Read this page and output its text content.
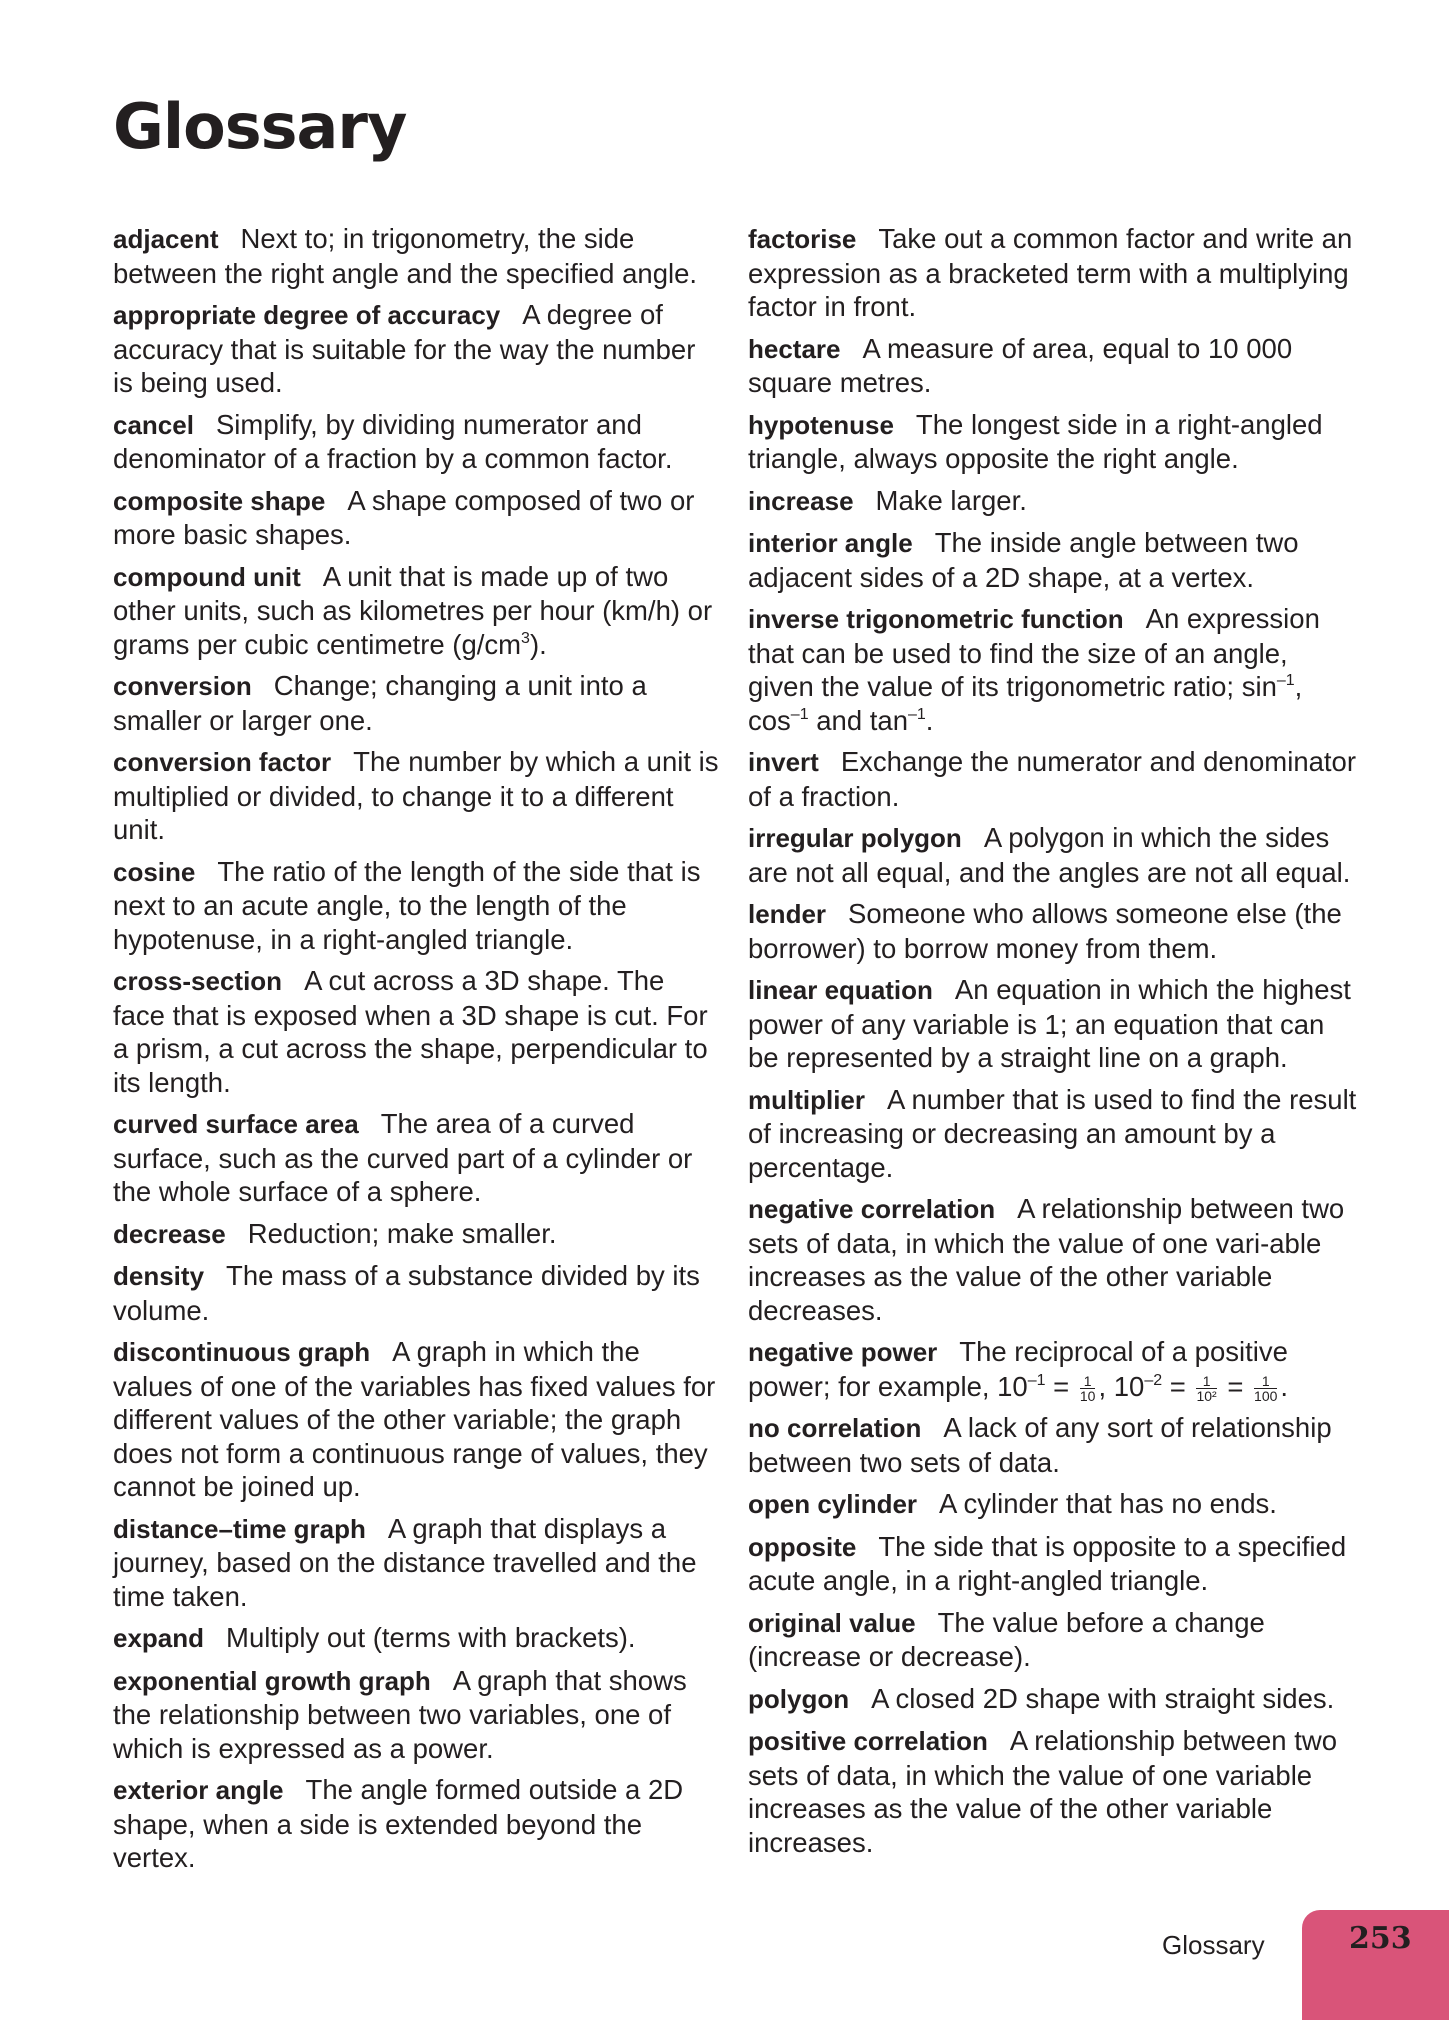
Glossary

adjacent Next to; in trigonometry, the side between the right angle and the specified angle.

appropriate degree of accuracy A degree of accuracy that is suitable for the way the number is being used.

cancel Simplify, by dividing numerator and denominator of a fraction by a common factor.

composite shape A shape composed of two or more basic shapes.

compound unit A unit that is made up of two other units, such as kilometres per hour (km/h) or grams per cubic centimetre $(g/cm^3)$.

conversion Change; changing a unit into a smaller or larger one.

conversion factor The number by which a unit is multiplied or divided, to change it to a different unit.

cosine The ratio of the length of the side that is next to an acute angle, to the length of the hypotenuse, in a right-angled triangle.

cross-section A cut across a 3D shape. The face that is exposed when a 3D shape is cut. For a prism, a cut across the shape, perpendicular to its length.

curved surface area The area of a curved surface, such as the curved part of a cylinder or the whole surface of a sphere.

decrease Reduction; make smaller.

density The mass of a substance divided by its volume.

discontinuous graph A graph in which the values of one of the variables has fixed values for different values of the other variable; the graph does not form a continuous range of values, they cannot be joined up.

distance–time graph A graph that displays a journey, based on the distance travelled and the time taken.

expand Multiply out (terms with brackets).

exponential growth graph A graph that shows the relationship between two variables, one of which is expressed as a power.

exterior angle The angle formed outside a 2D shape, when a side is extended beyond the vertex.

factorise Take out a common factor and write an expression as a bracketed term with a multiplying factor in front.

hectare A measure of area, equal to 10 000 square metres.

hypotenuse The longest side in a right-angled triangle, always opposite the right angle.

increase Make larger.

interior angle The inside angle between two adjacent sides of a 2D shape, at a vertex.

inverse trigonometric function An expression that can be used to find the size of an angle, given the value of its trigonometric ratio; $\sin^{-1}$, $\cos^{-1}$ and $\tan^{-1}$.

invert Exchange the numerator and denominator of a fraction.

irregular polygon A polygon in which the sides are not all equal, and the angles are not all equal.

lender Someone who allows someone else (the borrower) to borrow money from them.

linear equation An equation in which the highest power of any variable is 1; an equation that can be represented by a straight line on a graph.

multiplier A number that is used to find the result of increasing or decreasing an amount by a percentage.

negative correlation A relationship between two sets of data, in which the value of one vari-able increases as the value of the other variable decreases.

negative power The reciprocal of a positive power; for example, $10^{-1} = \frac{1}{10}$ , $10^{-2} = \frac{1}{\text{10²}} = \frac{1}{100}$ .

no correlation A lack of any sort of relationship between two sets of data.

open cylinder A cylinder that has no ends.

opposite The side that is opposite to a specified acute angle, in a right-angled triangle.

original value The value before a change (increase or decrease).

polygon A closed 2D shape with straight sides.

positive correlation A relationship between two sets of data, in which the value of one variable increases as the value of the other variable increases.

Glossary	253
